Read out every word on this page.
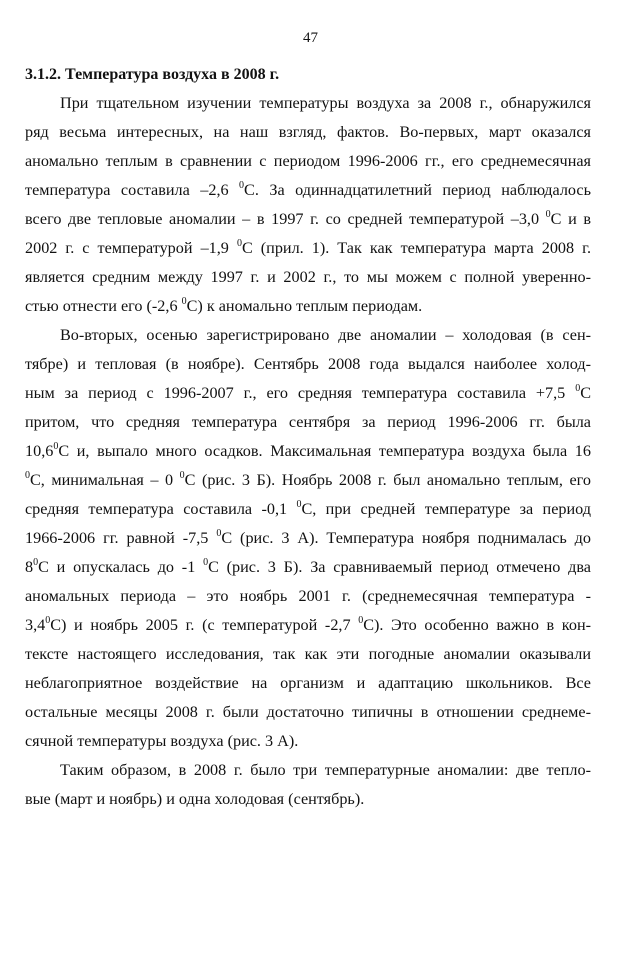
47
3.1.2. Температура воздуха в 2008 г.
При тщательном изучении температуры воздуха за 2008 г., обнаружился
ряд весьма интересных, на наш взгляд, фактов. Во-первых, март оказался
аномально теплым в сравнении с периодом 1996-2006 гг., его среднемесячная
температура составила –2,6 $^0$С. За одиннадцатилетний период наблюдалось
всего две тепловые аномалии – в 1997 г. со средней температурой –3,0 $^0$С и в
2002 г. с температурой –1,9 $^0$С (прил. 1). Так как температура марта 2008 г.
является средним между 1997 г. и 2002 г., то мы можем с полной уверенно-
стью отнести его (-2,6 $^0$С) к аномально теплым периодам.
Во-вторых, осенью зарегистрировано две аномалии – холодовая (в сен-
тябре) и тепловая (в ноябре). Сентябрь 2008 года выдался наиболее холод-
ным за период с 1996-2007 г., его средняя температура составила +7,5 $^0$С
притом, что средняя температура сентября за период 1996-2006 гг. была
10,6$^0$С и, выпало много осадков. Максимальная температура воздуха была 16
$^0$С, минимальная – 0 $^0$С (рис. 3 Б). Ноябрь 2008 г. был аномально теплым, его
средняя температура составила -0,1 $^0$С, при средней температуре за период
1966-2006 гг. равной -7,5 $^0$С (рис. 3 А). Температура ноября поднималась до
$8^0С$ и опускалась до -1 $^0$С (рис. 3 Б). За сравниваемый период отмечено два
аномальных периода – это ноябрь 2001 г. (среднемесячная температура -
$3,4^0С$) и ноябрь 2005 г. (с температурой -2,7 $^0$С). Это особенно важно в кон-
тексте настоящего исследования, так как эти погодные аномалии оказывали
неблагоприятное воздействие на организм и адаптацию школьников. Все
остальные месяцы 2008 г. были достаточно типичны в отношении среднеме-
сячной температуры воздуха (рис. 3 А).
Таким образом, в 2008 г. было три температурные аномалии: две тепло-
вые (март и ноябрь) и одна холодовая (сентябрь).
